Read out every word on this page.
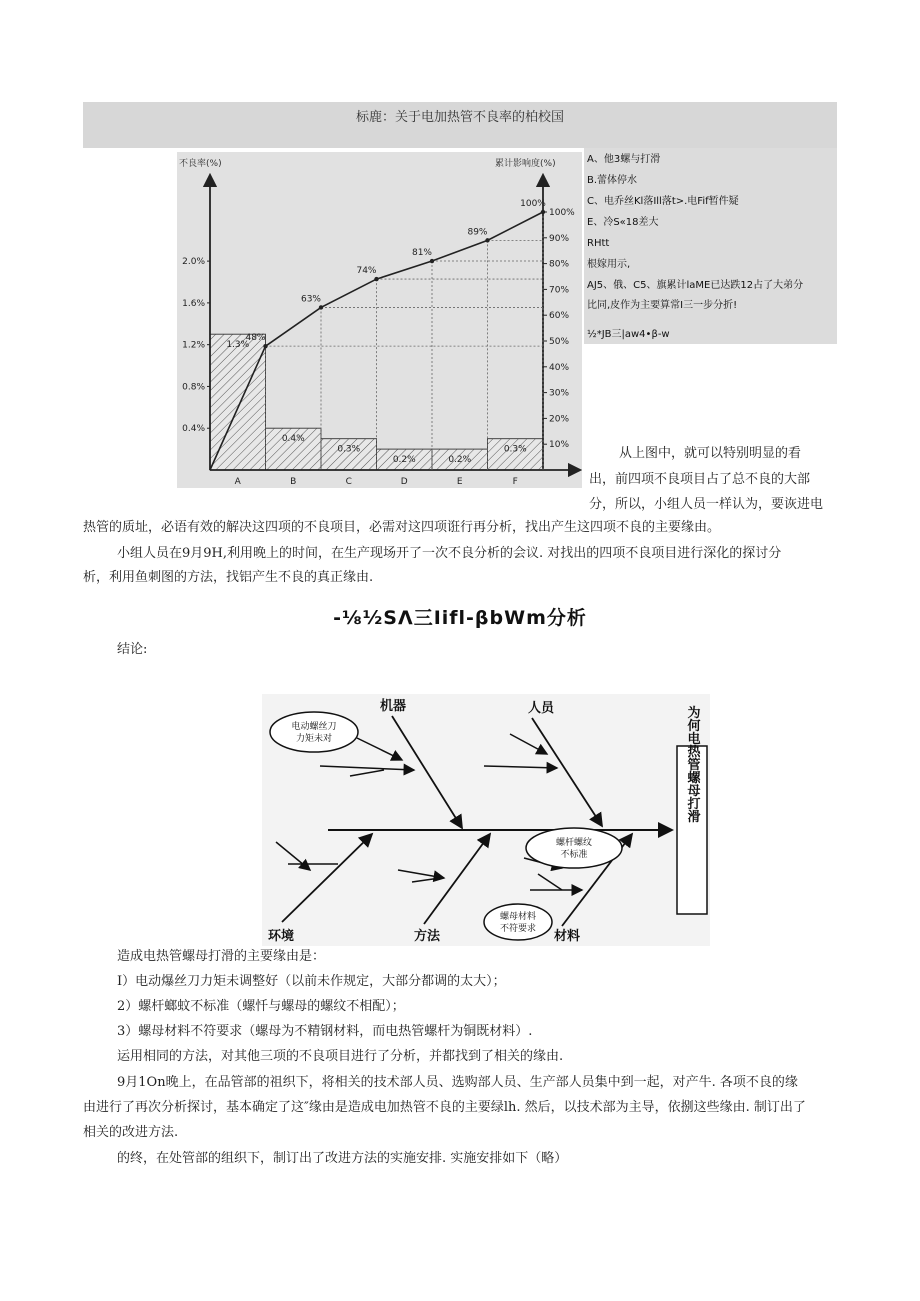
标鹿：关于电加热管不良率的柏校国
不良率(%)	累计影响度(%)
1.3%
A
0.4%
B
0.3%
C
0.2%
D
0.2%
E
0.3%
F
0.4%
0.8%
1.2%
1.6%
2.0%
10%
20%
30%
40%
50%
60%
70%
80%
90%
100%
48%
63%
74%
81%
89%
100%
A、他3螺与打滑
B.蕾体停水
C、电乔丝Kl落Ill落t>.电Fif暂件疑
E、冷S«18差大
RHtt
根嫁用示,
AJ5、俄、C5、旗累计laME已达跌12占了大弟分
比同,皮作为主要算常I三一步分折!
½*JB三|aw4•β-w
从上图中，就可以特别明显的看
出，前四项不良项目占了总不良的大部
分，所以，小组人员一样认为，要诙进电
热管的质址，必语有效的解决这四项的不良项目，必需对这四项诳行再分析，找出产生这四项不良的主要缘由。
小组人员在9月9H,利用晚上的时间，在生产现场开了一次不良分析的会议. 对找出的四项不良项目进行深化的探讨分
析，利用鱼刺图的方法，找铝产生不良的真正缘由.
-⅛½SΛ三Iifl-βbWm分析
结论:
为何电热管螺母打滑
电动螺丝刀
力矩未对
螺杆螺纹
不标准
螺母材料
不符要求
机器	人员
环境	方法	材料
造成电热管螺母打滑的主要缘由是：
I）电动爆丝刀力矩未调整好（以前未作规定，大部分都调的太大）；
2）螺杆螂蚊不标准（螺忏与螺母的螺纹不相配）；
3）螺母材料不符要求（螺母为不精钢材料，而电热管螺杆为铜既材料）.
运用相同的方法，对其他三项的不良项目进行了分析，并都找到了相关的缘由.
9月1On晚上，在品管部的祖织下，将相关的技术部人员、选购部人员、生产部人员集中到一起，对产牛. 各项不良的缘
由进行了再次分析探讨，基本确定了这″缘由是造成电加热管不良的主要绿lh. 然后，以技术部为主导，依捌这些缘由. 制订出了
相关的改进方法.
的终，在处管部的组织下，制订出了改进方法的实施安排. 实施安排如下（略）
